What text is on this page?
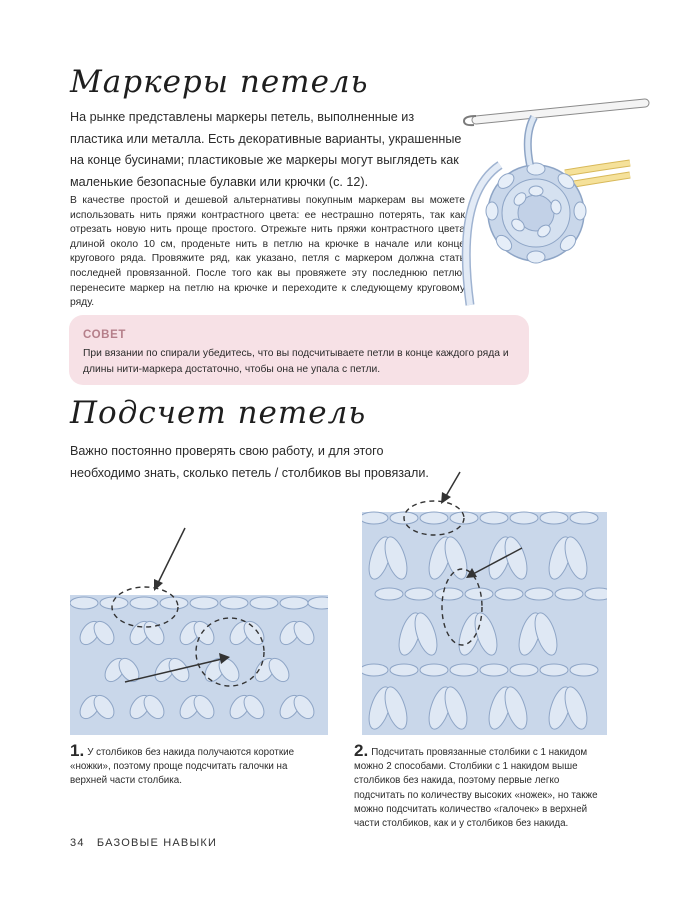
Маркеры петель
На рынке представлены маркеры петель, выполненные из пластика или металла. Есть декоративные варианты, украшенные на конце бусинами; пластиковые же маркеры могут выглядеть как маленькие безопасные булавки или крючки (с. 12).
В качестве простой и дешевой альтернативы покупным маркерам вы можете использовать нить пряжи контрастного цвета: ее нестрашно потерять, так как отрезать новую нить проще простого. Отрежьте нить пряжи контрастного цвета длиной около 10 см, проденьте нить в петлю на крючке в начале или конце кругового ряда. Провяжите ряд, как указано, петля с маркером должна стать последней провязанной. После того как вы провяжете эту последнюю петлю, перенесите маркер на петлю на крючке и переходите к следующему круговому ряду.
СОВЕТ
При вязании по спирали убедитесь, что вы подсчитываете петли в конце каждого ряда и длины нити-маркера достаточно, чтобы она не упала с петли.
Подсчет петель
Важно постоянно проверять свою работу, и для этого необходимо знать, сколько петель / столбиков вы провязали.
1. У столбиков без накида получаются короткие «ножки», поэтому проще подсчитать галочки на верхней части столбика.
2. Подсчитать провязанные столбики с 1 накидом можно 2 способами. Столбики с 1 накидом выше столбиков без накида, поэтому первые легко подсчитать по количеству высоких «ножек», но также можно подсчитать количество «галочек» в верхней части столбиков, как и у столбиков без накида.
34 БАЗОВЫЕ НАВЫКИ
